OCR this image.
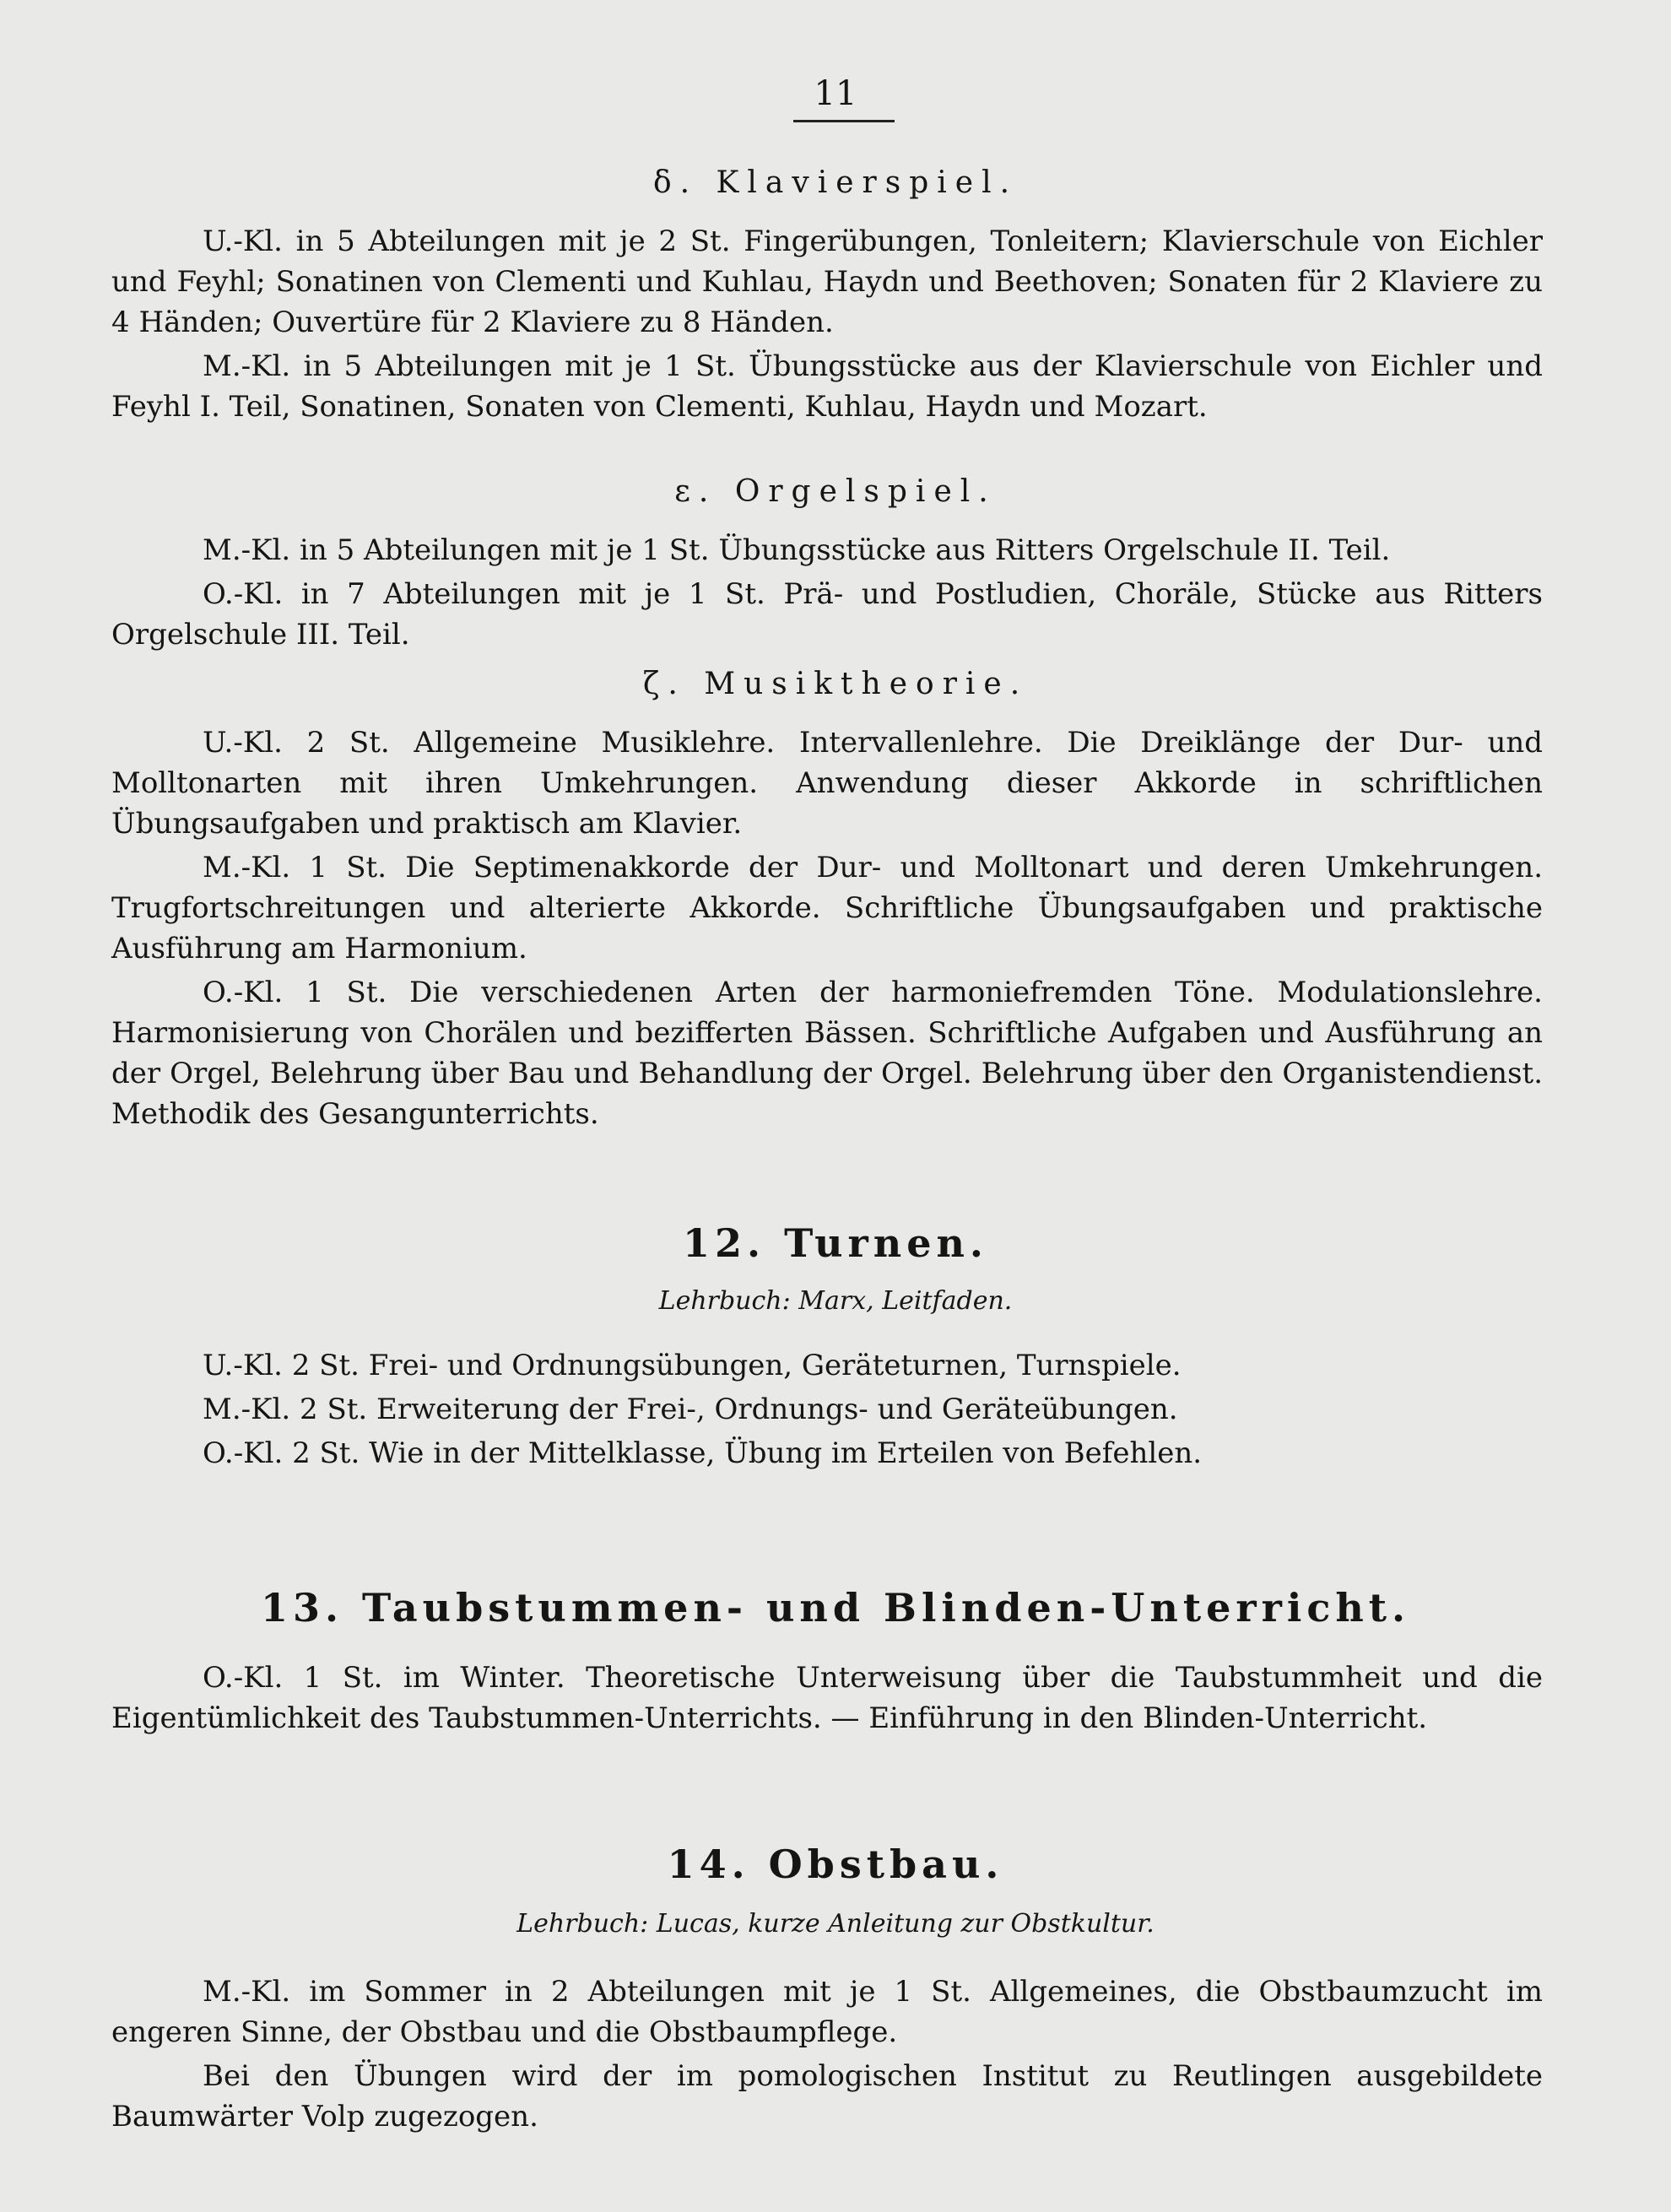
11
δ. Klavierspiel.

U.-Kl. in 5 Abteilungen mit je 2 St. Fingerübungen, Tonleitern; Klavierschule von Eichler und Feyhl; Sonatinen von Clementi und Kuhlau, Haydn und Beethoven; Sonaten für 2 Klaviere zu 4 Händen; Ouvertüre für 2 Klaviere zu 8 Händen.

M.-Kl. in 5 Abteilungen mit je 1 St. Übungsstücke aus der Klavierschule von Eichler und Feyhl I. Teil, Sonatinen, Sonaten von Clementi, Kuhlau, Haydn und Mozart.

ε. Orgelspiel.

M.-Kl. in 5 Abteilungen mit je 1 St. Übungsstücke aus Ritters Orgelschule II. Teil.

O.-Kl. in 7 Abteilungen mit je 1 St. Prä- und Postludien, Choräle, Stücke aus Ritters Orgelschule III. Teil.

ζ. Musiktheorie.

U.-Kl. 2 St. Allgemeine Musiklehre. Intervallenlehre. Die Dreiklänge der Dur- und Molltonarten mit ihren Umkehrungen. Anwendung dieser Akkorde in schriftlichen Übungsaufgaben und praktisch am Klavier.

M.-Kl. 1 St. Die Septimenakkorde der Dur- und Molltonart und deren Umkehrungen. Trugfortschreitungen und alterierte Akkorde. Schriftliche Übungsaufgaben und praktische Ausführung am Harmonium.

O.-Kl. 1 St. Die verschiedenen Arten der harmoniefremden Töne. Modulationslehre. Harmonisierung von Chorälen und bezifferten Bässen. Schriftliche Aufgaben und Ausführung an der Orgel, Belehrung über Bau und Behandlung der Orgel. Belehrung über den Organistendienst. Methodik des Gesangunterrichts.

12. Turnen.
Lehrbuch: Marx, Leitfaden.
U.-Kl. 2 St. Frei- und Ordnungsübungen, Geräteturnen, Turnspiele.
M.-Kl. 2 St. Erweiterung der Frei-, Ordnungs- und Geräteübungen.
O.-Kl. 2 St. Wie in der Mittelklasse, Übung im Erteilen von Befehlen.
13. Taubstummen- und Blinden-Unterricht.

O.-Kl. 1 St. im Winter. Theoretische Unterweisung über die Taubstummheit und die Eigentümlichkeit des Taubstummen-Unterrichts. — Einführung in den Blinden-Unterricht.

14. Obstbau.
Lehrbuch: Lucas, kurze Anleitung zur Obstkultur.

M.-Kl. im Sommer in 2 Abteilungen mit je 1 St. Allgemeines, die Obstbaumzucht im engeren Sinne, der Obstbau und die Obstbaumpflege.

Bei den Übungen wird der im pomologischen Institut zu Reutlingen ausgebildete Baumwärter Volp zugezogen.
